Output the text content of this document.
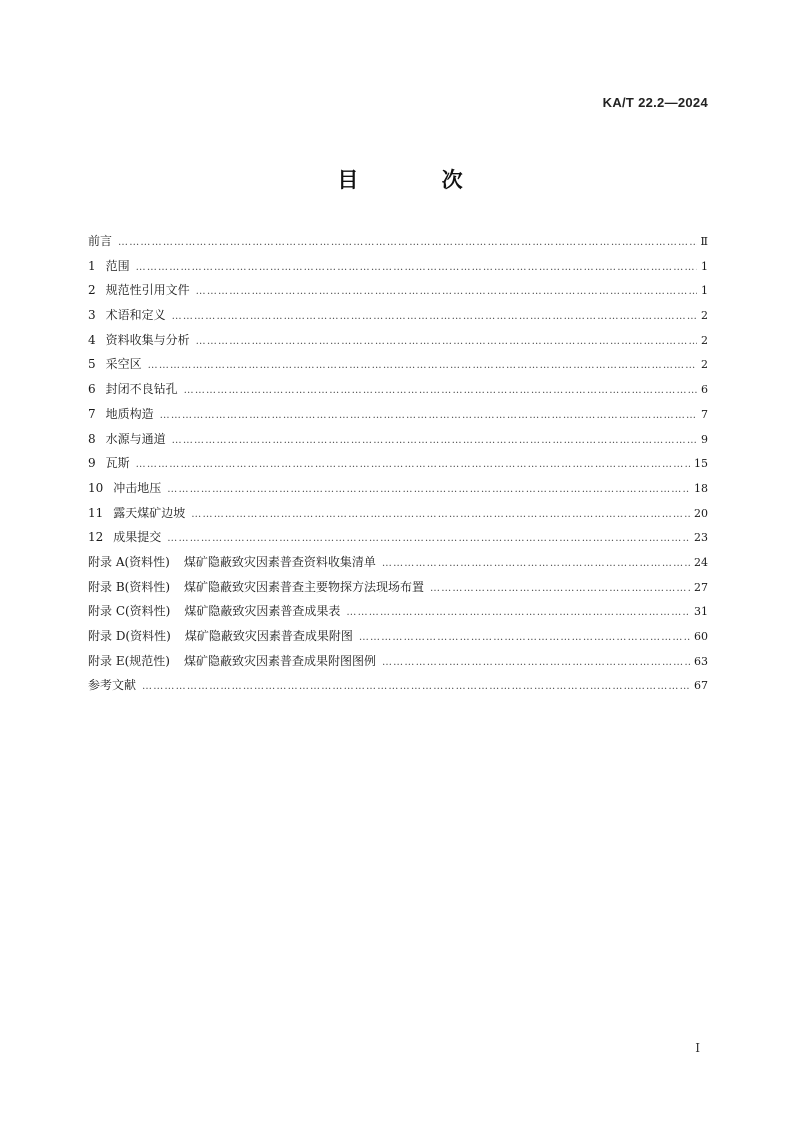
KA/T 22.2—2024
目 次
前言 ……………………………………………………………………………………………………………………………………………………………………………………………………………………………	Ⅱ
1 范围 ……………………………………………………………………………………………………………………………………………………………………………………………………………………………	1
2 规范性引用文件 ……………………………………………………………………………………………………………………………………………………………………………………………………………………………	1
3 术语和定义 ……………………………………………………………………………………………………………………………………………………………………………………………………………………………	2
4 资料收集与分析 ……………………………………………………………………………………………………………………………………………………………………………………………………………………………	2
5 采空区 ……………………………………………………………………………………………………………………………………………………………………………………………………………………………	2
6 封闭不良钻孔 ……………………………………………………………………………………………………………………………………………………………………………………………………………………………	6
7 地质构造 ……………………………………………………………………………………………………………………………………………………………………………………………………………………………	7
8 水源与通道 ……………………………………………………………………………………………………………………………………………………………………………………………………………………………	9
9 瓦斯 ……………………………………………………………………………………………………………………………………………………………………………………………………………………………	15
10 冲击地压 ……………………………………………………………………………………………………………………………………………………………………………………………………………………………	18
11 露天煤矿边坡 ……………………………………………………………………………………………………………………………………………………………………………………………………………………………	20
12 成果提交 ……………………………………………………………………………………………………………………………………………………………………………………………………………………………	23
附录 A(资料性) 煤矿隐蔽致灾因素普查资料收集清单 ……………………………………………………………………………………………………………………………………………………………………………………………………………………………	24
附录 B(资料性) 煤矿隐蔽致灾因素普查主要物探方法现场布置 ……………………………………………………………………………………………………………………………………………………………………………………………………………………………	27
附录 C(资料性) 煤矿隐蔽致灾因素普查成果表 ……………………………………………………………………………………………………………………………………………………………………………………………………………………………	31
附录 D(资料性) 煤矿隐蔽致灾因素普查成果附图 ……………………………………………………………………………………………………………………………………………………………………………………………………………………………	60
附录 E(规范性) 煤矿隐蔽致灾因素普查成果附图图例 ……………………………………………………………………………………………………………………………………………………………………………………………………………………………	63
参考文献 ……………………………………………………………………………………………………………………………………………………………………………………………………………………………	67
I
